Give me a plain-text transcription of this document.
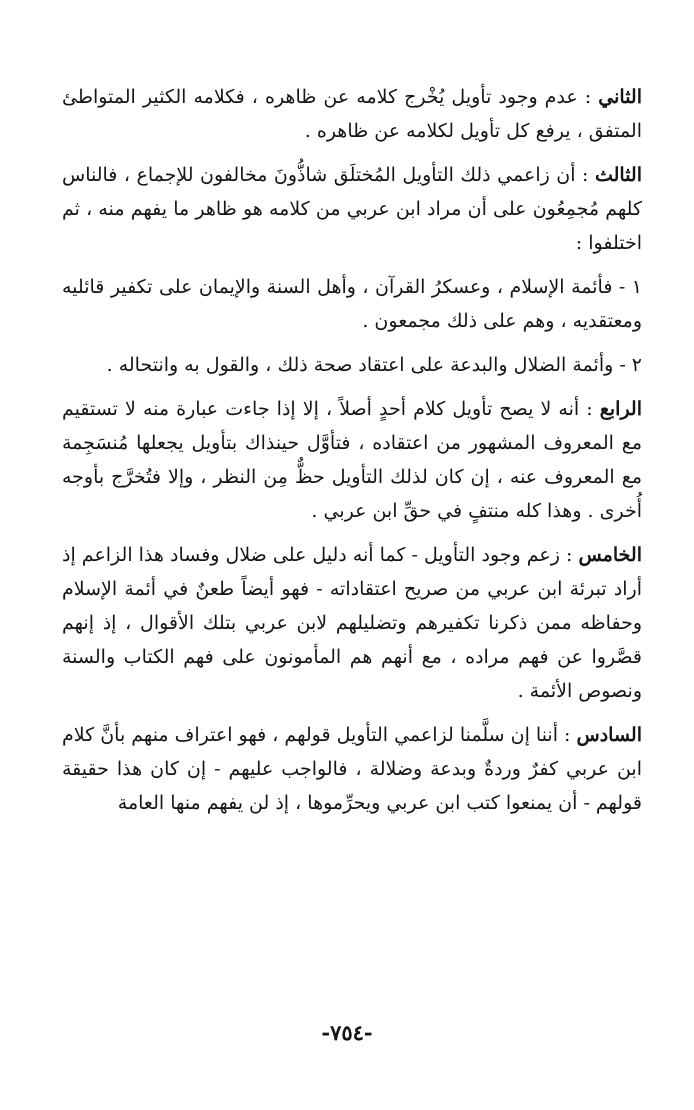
الثاني : عدم وجود تأويل يُخْرج كلامه عن ظاهره ، فكلامه الكثير المتواطئ المتفق ، يرفع كل تأويل لكلامه عن ظاهره .

الثالث : أن زاعمي ذلك التأويل المُختلَق شاذُّونَ مخالفون للإجماع ، فالناس كلهم مُجمِعُون على أن مراد ابن عربي من كلامه هو ظاهر ما يفهم منه ، ثم اختلفوا :

١ - فأئمة الإسلام ، وعسكرُ القرآن ، وأهل السنة والإيمان على تكفير قائليه ومعتقديه ، وهم على ذلك مجمعون .

٢ - وأئمة الضلال والبدعة على اعتقاد صحة ذلك ، والقول به وانتحاله .

الرابع : أنه لا يصح تأويل كلام أحدٍ أصلاً ، إلا إذا جاءت عبارة منه لا تستقيم مع المعروف المشهور من اعتقاده ، فتأوَّل حينذاك بتأويل يجعلها مُنسَجِمة مع المعروف عنه ، إن كان لذلك التأويل حظٌّ مِن النظر ، وإلا فتُخرَّج بأوجه أُخرى . وهذا كله منتفٍ في حقِّ ابن عربي .

الخامس : زعم وجود التأويل - كما أنه دليل على ضلال وفساد هذا الزاعم إذ أراد تبرئة ابن عربي من صريح اعتقاداته - فهو أيضاً طعنٌ في أئمة الإسلام وحفاظه ممن ذكرنا تكفيرهم وتضليلهم لابن عربي بتلك الأقوال ، إذ إنهم قصَّروا عن فهم مراده ، مع أنهم هم المأمونون على فهم الكتاب والسنة ونصوص الأئمة .

السادس : أننا إن سلَّمنا لزاعمي التأويل قولهم ، فهو اعتراف منهم بأنَّ كلام ابن عربي كفرٌ وردةٌ وبدعة وضلالة ، فالواجب عليهم - إن كان هذا حقيقة قولهم - أن يمنعوا كتب ابن عربي ويحرِّموها ، إذ لن يفهم منها العامة

-٧٥٤-
